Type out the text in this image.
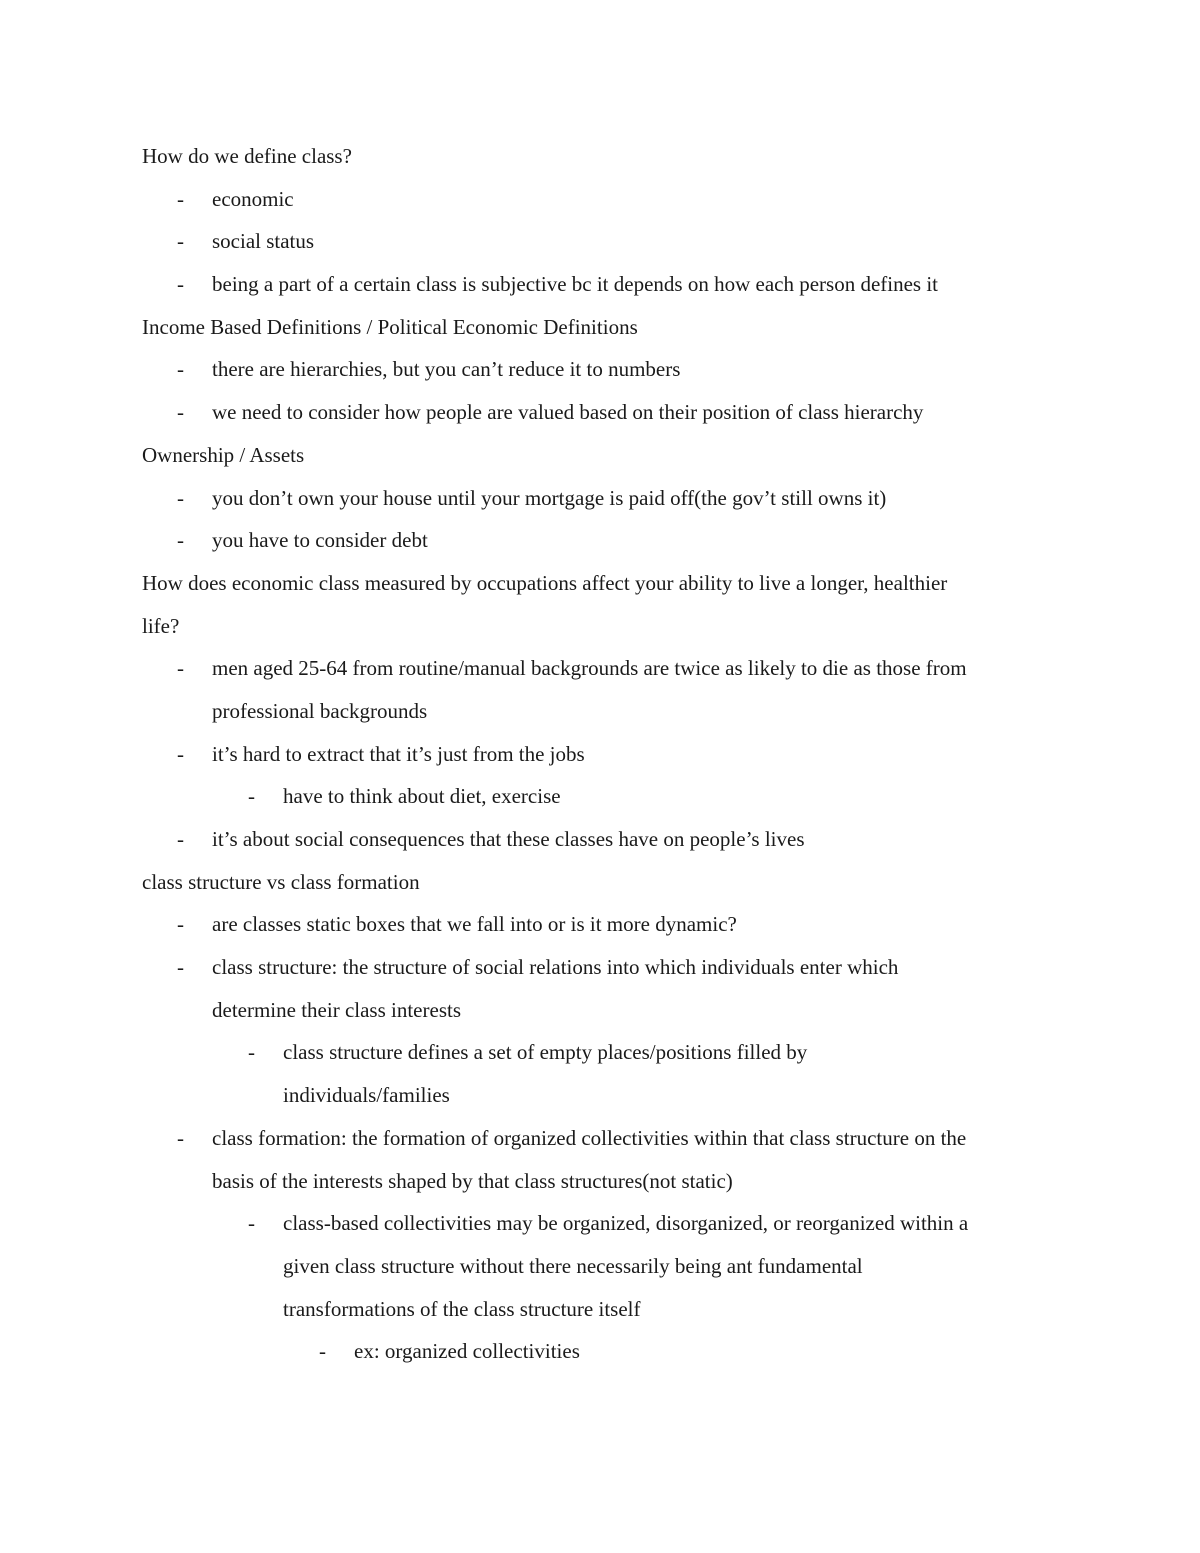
How do we define class?
- economic
- social status
- being a part of a certain class is subjective bc it depends on how each person defines it
Income Based Definitions / Political Economic Definitions
- there are hierarchies, but you can’t reduce it to numbers
- we need to consider how people are valued based on their position of class hierarchy
Ownership / Assets
- you don’t own your house until your mortgage is paid off(the gov’t still owns it)
- you have to consider debt
How does economic class measured by occupations affect your ability to live a longer, healthier
life?
- men aged 25-64 from routine/manual backgrounds are twice as likely to die as those from
professional backgrounds
- it’s hard to extract that it’s just from the jobs
- have to think about diet, exercise
- it’s about social consequences that these classes have on people’s lives
class structure vs class formation
- are classes static boxes that we fall into or is it more dynamic?
- class structure: the structure of social relations into which individuals enter which
determine their class interests
- class structure defines a set of empty places/positions filled by
individuals/families
- class formation: the formation of organized collectivities within that class structure on the
basis of the interests shaped by that class structures(not static)
- class-based collectivities may be organized, disorganized, or reorganized within a
given class structure without there necessarily being ant fundamental
transformations of the class structure itself
- ex: organized collectivities
